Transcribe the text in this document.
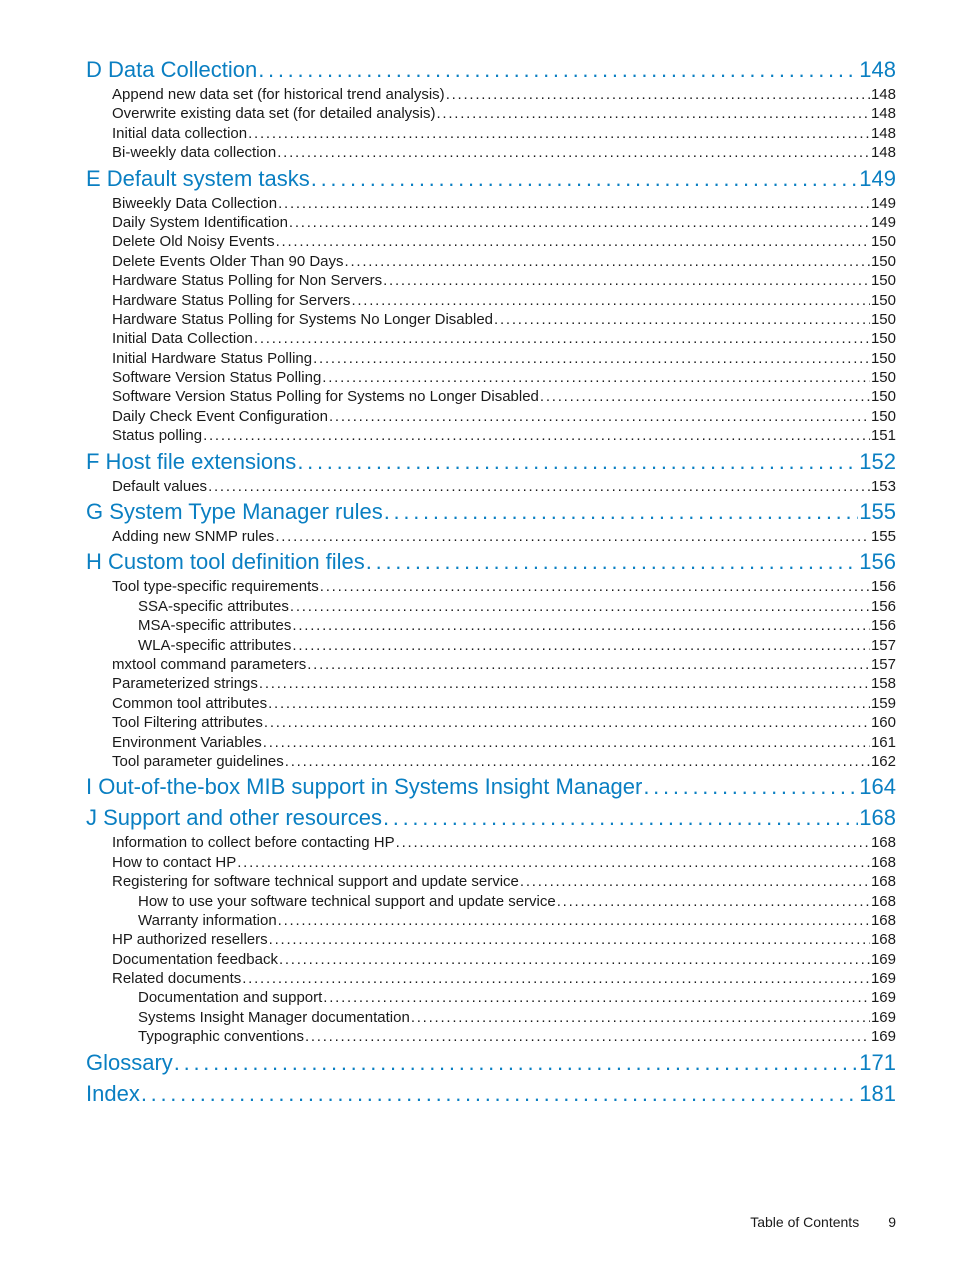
D Data Collection . . .	148
Append new data set (for historical trend analysis) . . .	148
Overwrite existing data set (for detailed analysis) . . .	148
Initial data collection . . .	148
Bi-weekly data collection . . .	148
E Default system tasks . . .	149
Biweekly Data Collection . . .	149
Daily System Identification . . .	149
Delete Old Noisy Events . . .	150
Delete Events Older Than 90 Days . . .	150
Hardware Status Polling for Non Servers . . .	150
Hardware Status Polling for Servers . . .	150
Hardware Status Polling for Systems No Longer Disabled . . .	150
Initial Data Collection . . .	150
Initial Hardware Status Polling . . .	150
Software Version Status Polling . . .	150
Software Version Status Polling for Systems no Longer Disabled . . .	150
Daily Check Event Configuration . . .	150
Status polling . . .	151
F Host file extensions . . .	152
Default values . . .	153
G System Type Manager rules . . .	155
Adding new SNMP rules . . .	155
H Custom tool definition files . . .	156
Tool type-specific requirements . . .	156
SSA-specific attributes . . .	156
MSA-specific attributes . . .	156
WLA-specific attributes . . .	157
mxtool command parameters . . .	157
Parameterized strings . . .	158
Common tool attributes . . .	159
Tool Filtering attributes . . .	160
Environment Variables . . .	161
Tool parameter guidelines . . .	162
I Out-of-the-box MIB support in Systems Insight Manager . . .	164
J Support and other resources . . .	168
Information to collect before contacting HP . . .	168
How to contact HP . . .	168
Registering for software technical support and update service . . .	168
How to use your software technical support and update service . . .	168
Warranty information . . .	168
HP authorized resellers . . .	168
Documentation feedback . . .	169
Related documents . . .	169
Documentation and support . . .	169
Systems Insight Manager documentation . . .	169
Typographic conventions . . .	169
Glossary . . .	171
Index . . .	181
Table of Contents 9
